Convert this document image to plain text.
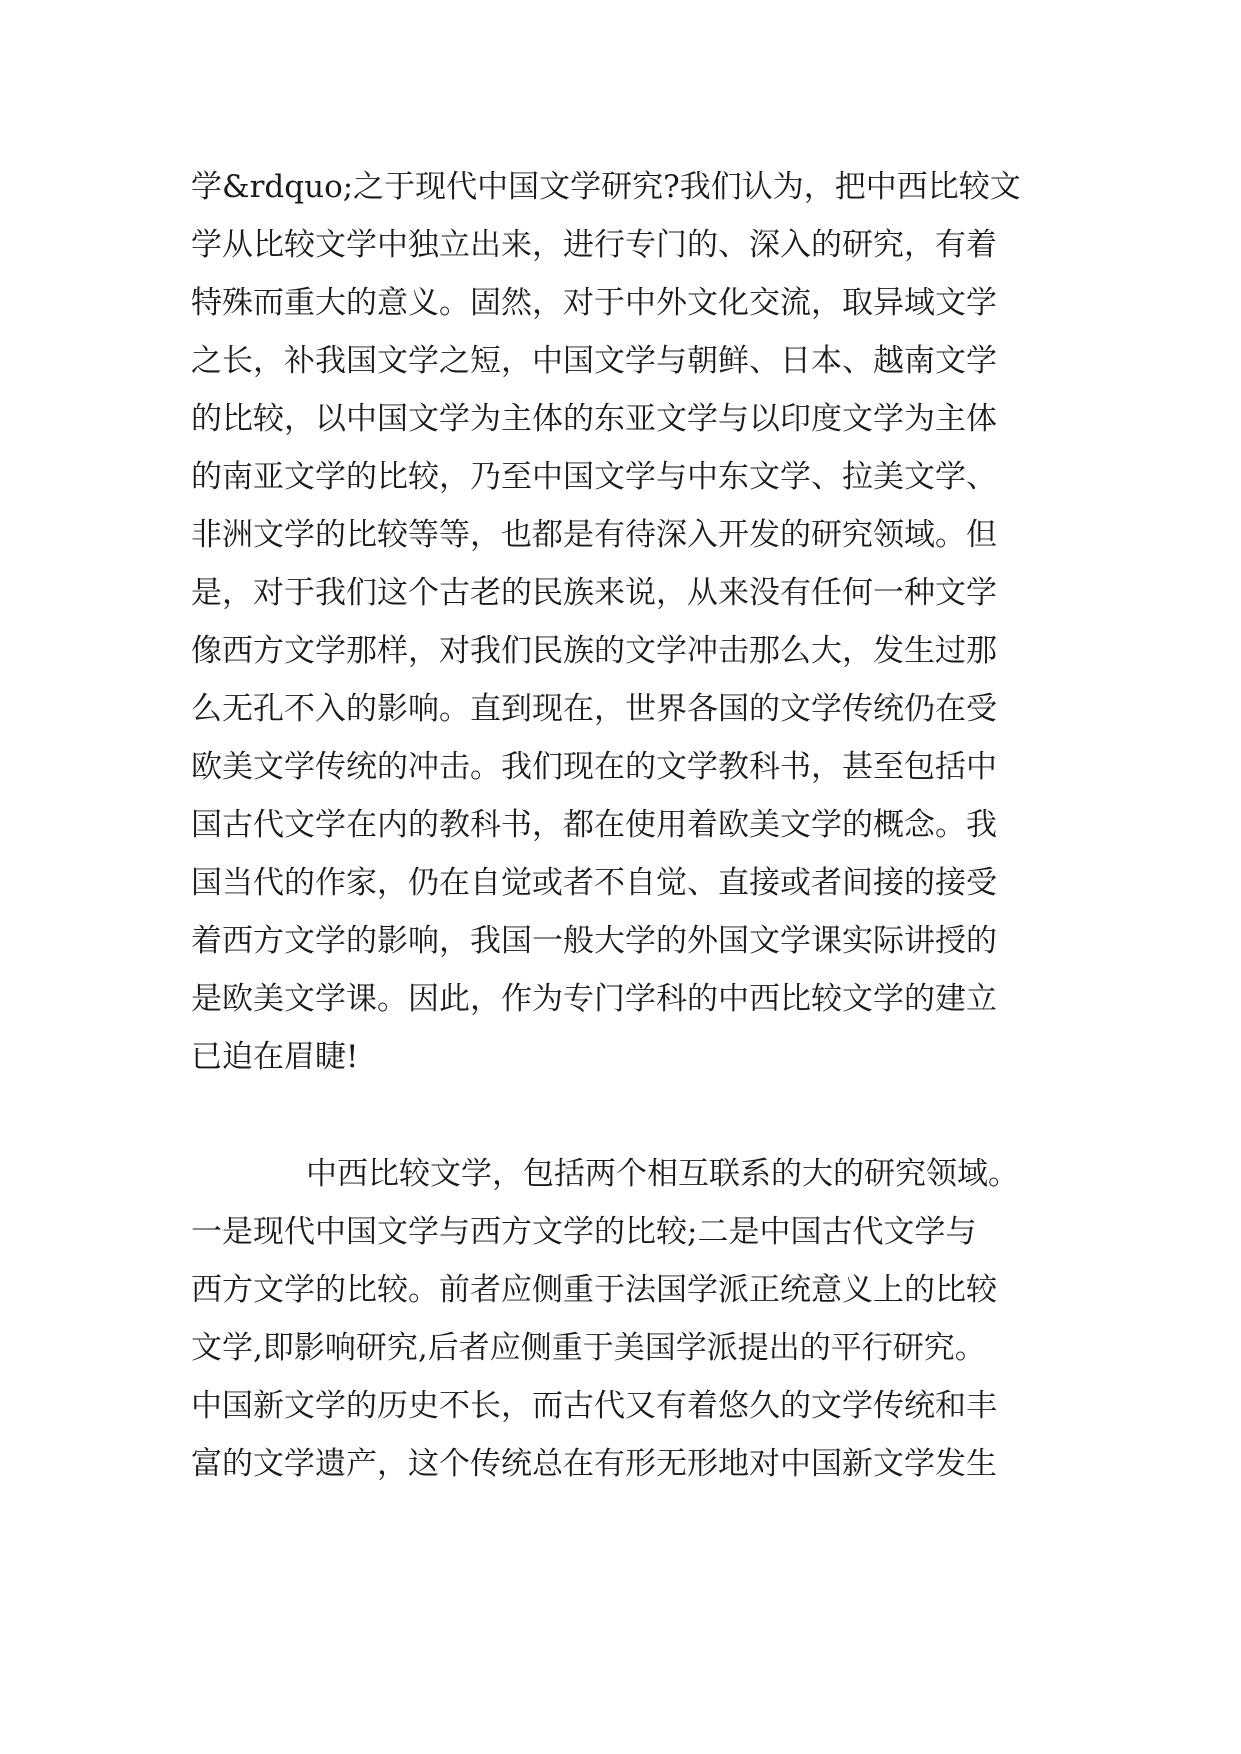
学&rdquo;之于现代中国文学研究?我们认为，把中西比较文
学从比较文学中独立出来，进行专门的、深入的研究，有着
特殊而重大的意义。固然，对于中外文化交流，取异域文学
之长，补我国文学之短，中国文学与朝鲜、日本、越南文学
的比较，以中国文学为主体的东亚文学与以印度文学为主体
的南亚文学的比较，乃至中国文学与中东文学、拉美文学、
非洲文学的比较等等，也都是有待深入开发的研究领域。但
是，对于我们这个古老的民族来说，从来没有任何一种文学
像西方文学那样，对我们民族的文学冲击那么大，发生过那
么无孔不入的影响。直到现在，世界各国的文学传统仍在受
欧美文学传统的冲击。我们现在的文学教科书，甚至包括中
国古代文学在内的教科书，都在使用着欧美文学的概念。我
国当代的作家，仍在自觉或者不自觉、直接或者间接的接受
着西方文学的影响，我国一般大学的外国文学课实际讲授的
是欧美文学课。因此，作为专门学科的中西比较文学的建立
已迫在眉睫!
中西比较文学，包括两个相互联系的大的研究领域。
一是现代中国文学与西方文学的比较;二是中国古代文学与
西方文学的比较。前者应侧重于法国学派正统意义上的比较
文学,即影响研究,后者应侧重于美国学派提出的平行研究。
中国新文学的历史不长，而古代又有着悠久的文学传统和丰
富的文学遗产，这个传统总在有形无形地对中国新文学发生
